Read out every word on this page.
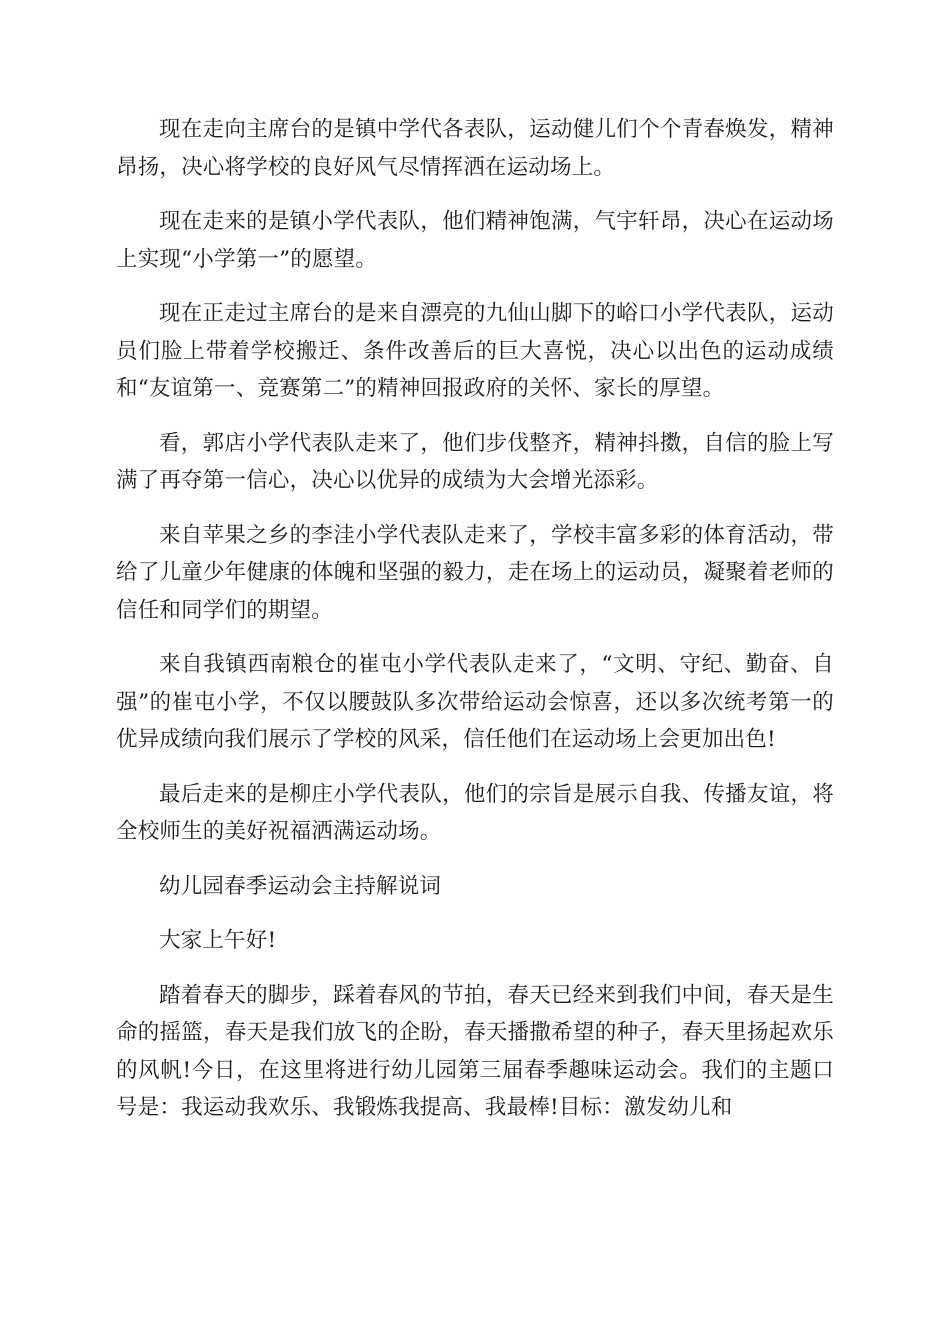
现在走向主席台的是镇中学代各表队，运动健儿们个个青春焕发，精神昂扬，决心将学校的良好风气尽情挥洒在运动场上。

现在走来的是镇小学代表队，他们精神饱满，气宇轩昂，决心在运动场上实现“小学第一”的愿望。

现在正走过主席台的是来自漂亮的九仙山脚下的峪口小学代表队，运动员们脸上带着学校搬迁、条件改善后的巨大喜悦，决心以出色的运动成绩和“友谊第一、竞赛第二”的精神回报政府的关怀、家长的厚望。

看，郭店小学代表队走来了，他们步伐整齐，精神抖擞，自信的脸上写满了再夺第一信心，决心以优异的成绩为大会增光添彩。

来自苹果之乡的李洼小学代表队走来了，学校丰富多彩的体育活动，带给了儿童少年健康的体魄和坚强的毅力，走在场上的运动员，凝聚着老师的信任和同学们的期望。

来自我镇西南粮仓的崔屯小学代表队走来了，“文明、守纪、勤奋、自强”的崔屯小学，不仅以腰鼓队多次带给运动会惊喜，还以多次统考第一的优异成绩向我们展示了学校的风采，信任他们在运动场上会更加出色!

最后走来的是柳庄小学代表队，他们的宗旨是展示自我、传播友谊，将全校师生的美好祝福洒满运动场。

幼儿园春季运动会主持解说词

大家上午好!

踏着春天的脚步，踩着春风的节拍，春天已经来到我们中间，春天是生命的摇篮，春天是我们放飞的企盼，春天播撒希望的种子，春天里扬起欢乐的风帆!今日，在这里将进行幼儿园第三届春季趣味运动会。我们的主题口号是：我运动我欢乐、我锻炼我提高、我最棒!目标：激发幼儿和
